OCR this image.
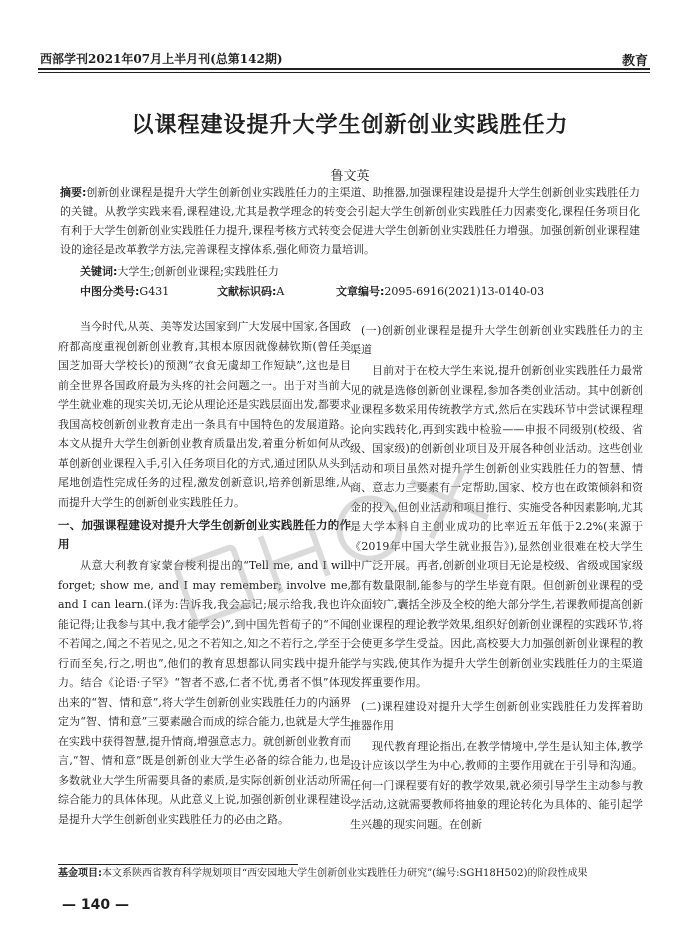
西部学刊2021年07月上半月刊(总第142期)	教育
以课程建设提升大学生创新创业实践胜任力
鲁文英
摘要:创新创业课程是提升大学生创新创业实践胜任力的主渠道、助推器,加强课程建设是提升大学生创新创业实践胜任力的关键。从教学实践来看,课程建设,尤其是教学理念的转变会引起大学生创新创业实践胜任力因素变化,课程任务项目化有利于大学生创新创业实践胜任力提升,课程考核方式转变会促进大学生创新创业实践胜任力增强。加强创新创业课程建设的途径是改革教学方法,完善课程支撑体系,强化师资力量培训。
关键词:大学生;创新创业课程;实践胜任力
中图分类号:G431	文献标识码:A	文章编号:2095-6916(2021)13-0140-03

当今时代,从英、美等发达国家到广大发展中国家,各国政府都高度重视创新创业教育,其根本原因就像赫钦斯(曾任美国芝加哥大学校长)的预测“衣食无虞却工作短缺”,这也是目前全世界各国政府最为头疼的社会问题之一。出于对当前大学生就业难的现实关切,无论从理论还是实践层面出发,都要求我国高校创新创业教育走出一条具有中国特色的发展道路。本文从提升大学生创新创业教育质量出发,着重分析如何从改革创新创业课程入手,引入任务项目化的方式,通过团队从头到尾地创造性完成任务的过程,激发创新意识,培养创新思维,从而提升大学生的创新创业实践胜任力。

一、加强课程建设对提升大学生创新创业实践胜任力的作用

从意大利教育家蒙台梭利提出的“Tell me, and I will forget; show me, and I may remember; involve me, and I can learn.(译为:告诉我,我会忘记;展示给我,我也许能记得;让我参与其中,我才能学会)”,到中国先哲荀子的“不闻不若闻之,闻之不若见之,见之不若知之,知之不若行之,学至于行而至矣,行之,明也”,他们的教育思想都认同实践中提升能力。结合《论语·子罕》“智者不惑,仁者不忧,勇者不惧”体现出来的“智、情和意”,将大学生创新创业实践胜任力的内涵界定为“智、情和意”三要素融合而成的综合能力,也就是大学生在实践中获得智慧,提升情商,增强意志力。就创新创业教育而言,“智、情和意”既是创新创业大学生必备的综合能力,也是多数就业大学生所需要具备的素质,是实际创新创业活动所需综合能力的具体体现。从此意义上说,加强创新创业课程建设是提升大学生创新创业实践胜任力的必由之路。

(一)创新创业课程是提升大学生创新创业实践胜任力的主渠道

目前对于在校大学生来说,提升创新创业实践胜任力最常见的就是选修创新创业课程,参加各类创业活动。其中创新创业课程多数采用传统教学方式,然后在实践环节中尝试课程理论向实践转化,再到实践中检验——申报不同级别(校级、省级、国家级)的创新创业项目及开展各种创业活动。这些创业活动和项目虽然对提升学生创新创业实践胜任力的智慧、情商、意志力三要素有一定帮助,国家、校方也在政策倾斜和资金的投入,但创业活动和项目推行、实施受各种因素影响,尤其是大学本科自主创业成功的比率近五年低于2.2%(来源于《2019年中国大学生就业报告》),显然创业很难在校大学生中广泛开展。再者,创新创业项目无论是校级、省级或国家级都有数量限制,能参与的学生毕竟有限。但创新创业课程的受众面较广,囊括全涉及全校的绝大部分学生,若课教师提高创新创业课程的理论教学效果,组织好创新创业课程的实践环节,将会使更多学生受益。因此,高校要大力加强创新创业课程的教学与实践,使其作为提升大学生创新创业实践胜任力的主渠道发挥重要作用。

(二)课程建设对提升大学生创新创业实践胜任力发挥着助推器作用

现代教育理论指出,在教学情境中,学生是认知主体,教学设计应该以学生为中心,教师的主要作用就在于引导和沟通。任何一门课程要有好的教学效果,就必须引导学生主动参与教学活动,这就需要教师将抽象的理论转化为具体的、能引起学生兴趣的现实问题。在创新

基金项目:本文系陕西省教育科学规划项目“西安园地大学生创新创业实践胜任力研究”(编号:SGH18H502)的阶段性成果
— 140 —
